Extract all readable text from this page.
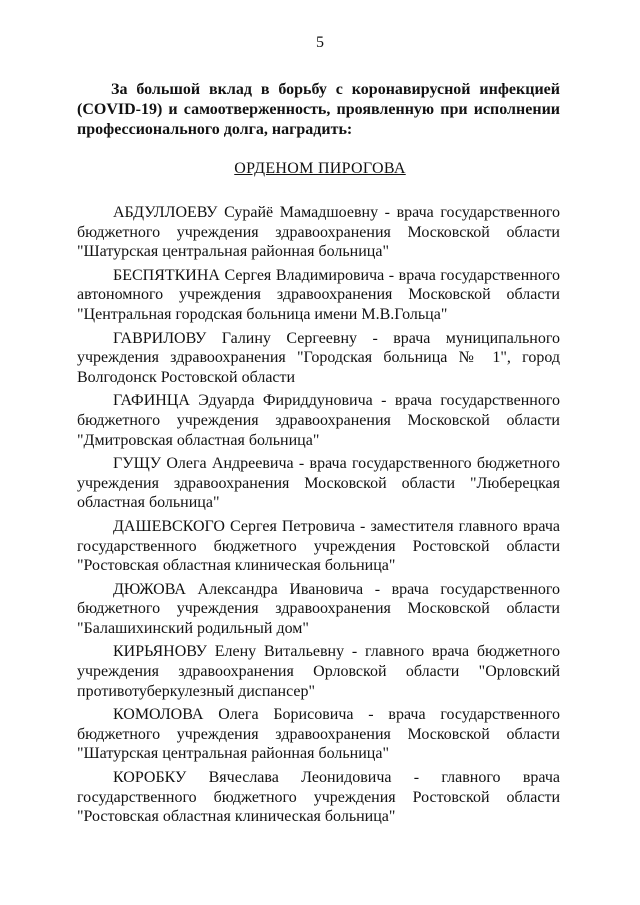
5
За большой вклад в борьбу с коронавирусной инфекцией (COVID-19) и самоотверженность, проявленную при исполнении профессионального долга, наградить:
ОРДЕНОМ ПИРОГОВА

АБДУЛЛОЕВУ Сурайё Мамадшоевну - врача государственного бюджетного учреждения здравоохранения Московской области "Шатурская центральная районная больница"

БЕСПЯТКИНА Сергея Владимировича - врача государственного автономного учреждения здравоохранения Московской области "Центральная городская больница имени М.В.Гольца"

ГАВРИЛОВУ Галину Сергеевну - врача муниципального учреждения здравоохранения "Городская больница № 1", город Волгодонск Ростовской области

ГАФИНЦА Эдуарда Фириддуновича - врача государственного бюджетного учреждения здравоохранения Московской области "Дмитровская областная больница"

ГУЩУ Олега Андреевича - врача государственного бюджетного учреждения здравоохранения Московской области "Люберецкая областная больница"

ДАШЕВСКОГО Сергея Петровича - заместителя главного врача государственного бюджетного учреждения Ростовской области "Ростовская областная клиническая больница"

ДЮЖОВА Александра Ивановича - врача государственного бюджетного учреждения здравоохранения Московской области "Балашихинский родильный дом"

КИРЬЯНОВУ Елену Витальевну - главного врача бюджетного учреждения здравоохранения Орловской области "Орловский противотуберкулезный диспансер"

КОМОЛОВА Олега Борисовича - врача государственного бюджетного учреждения здравоохранения Московской области "Шатурская центральная районная больница"

КОРОБКУ Вячеслава Леонидовича - главного врача государственного бюджетного учреждения Ростовской области "Ростовская областная клиническая больница"
